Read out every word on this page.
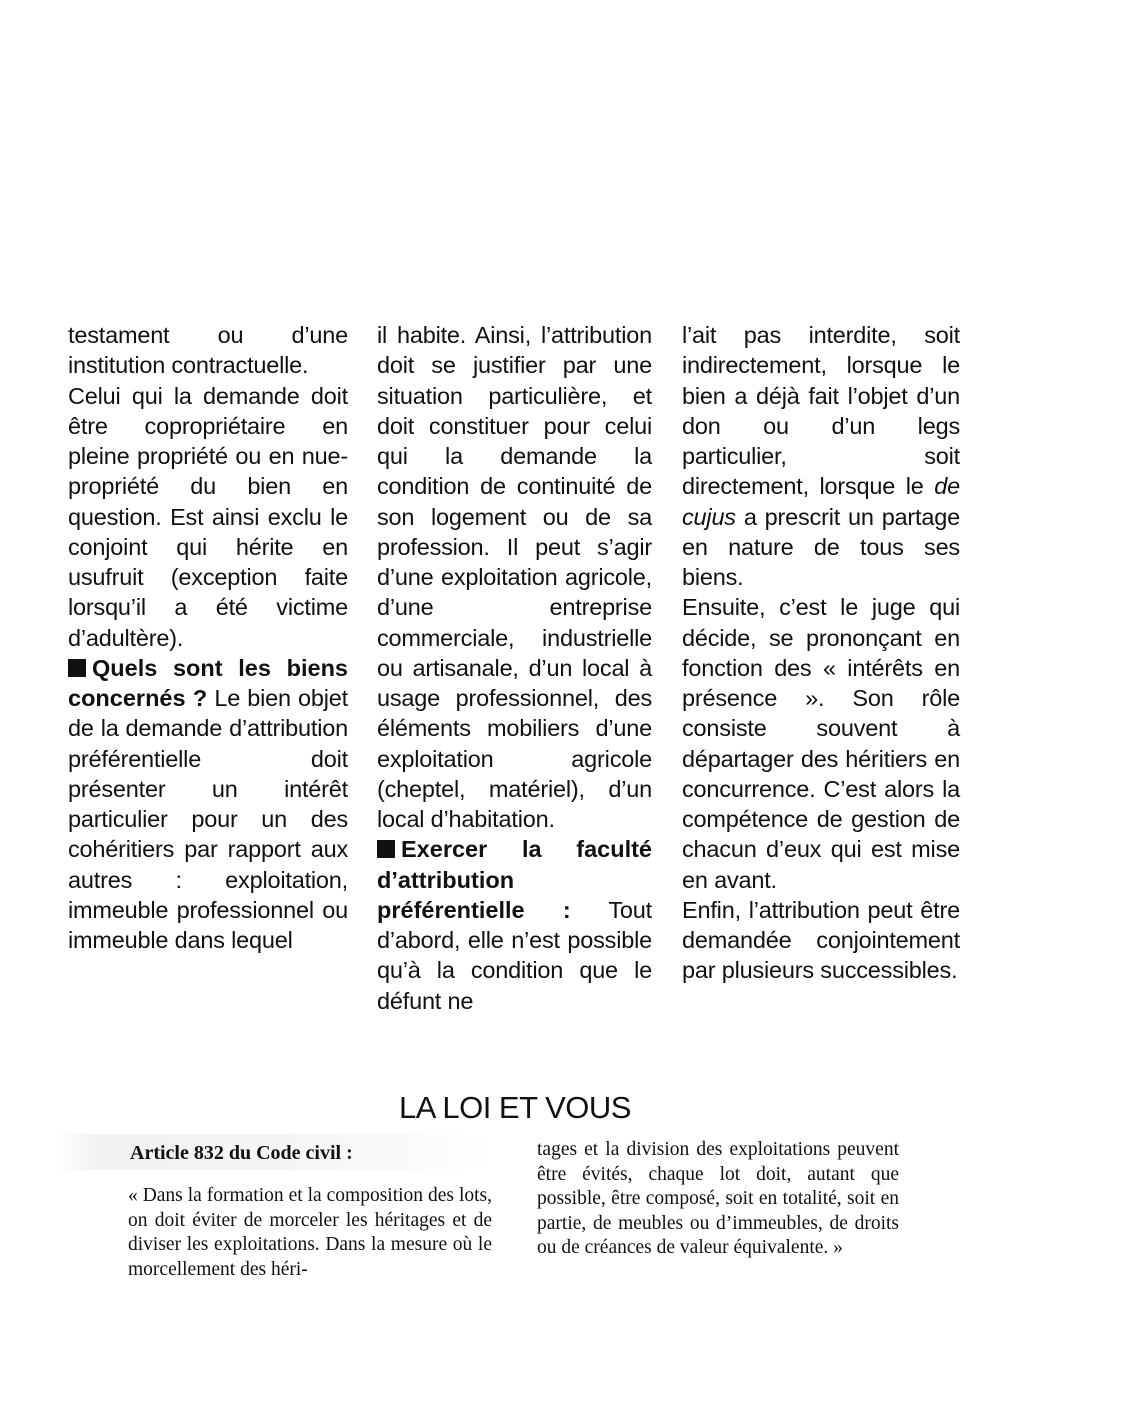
testament ou d’une institution contractuelle.

Celui qui la demande doit être copropriétaire en pleine propriété ou en nue-propriété du bien en question. Est ainsi exclu le conjoint qui hérite en usufruit (exception faite lorsqu’il a été victime d’adultère).

Quels sont les biens concernés ? Le bien objet de la demande d’attribution préférentielle doit présenter un intérêt particulier pour un des cohéritiers par rapport aux autres : exploitation, immeuble professionnel ou immeuble dans lequel

il habite. Ainsi, l’attribution doit se justifier par une situation particulière, et doit constituer pour celui qui la demande la condition de continuité de son logement ou de sa profession. Il peut s’agir d’une exploitation agricole, d’une entreprise commerciale, industrielle ou artisanale, d’un local à usage professionnel, des éléments mobiliers d’une exploitation agricole (cheptel, matériel), d’un local d’habitation.

Exercer la faculté d’attribution préférentielle : Tout d’abord, elle n’est possible qu’à la condition que le défunt ne

l’ait pas interdite, soit indirectement, lorsque le bien a déjà fait l’objet d’un don ou d’un legs particulier, soit directement, lorsque le de cujus a prescrit un partage en nature de tous ses biens.

Ensuite, c’est le juge qui décide, se prononçant en fonction des « intérêts en présence ». Son rôle consiste souvent à départager des héritiers en concurrence. C’est alors la compétence de gestion de chacun d’eux qui est mise en avant.

Enfin, l’attribution peut être demandée conjointement par plusieurs successibles.

LA LOI ET VOUS
Article 832 du Code civil :

« Dans la formation et la composition des lots, on doit éviter de morceler les héritages et de diviser les exploitations. Dans la mesure où le morcellement des héri-

tages et la division des exploitations peuvent être évités, chaque lot doit, autant que possible, être composé, soit en totalité, soit en partie, de meubles ou d’immeubles, de droits ou de créances de valeur équivalente. »
